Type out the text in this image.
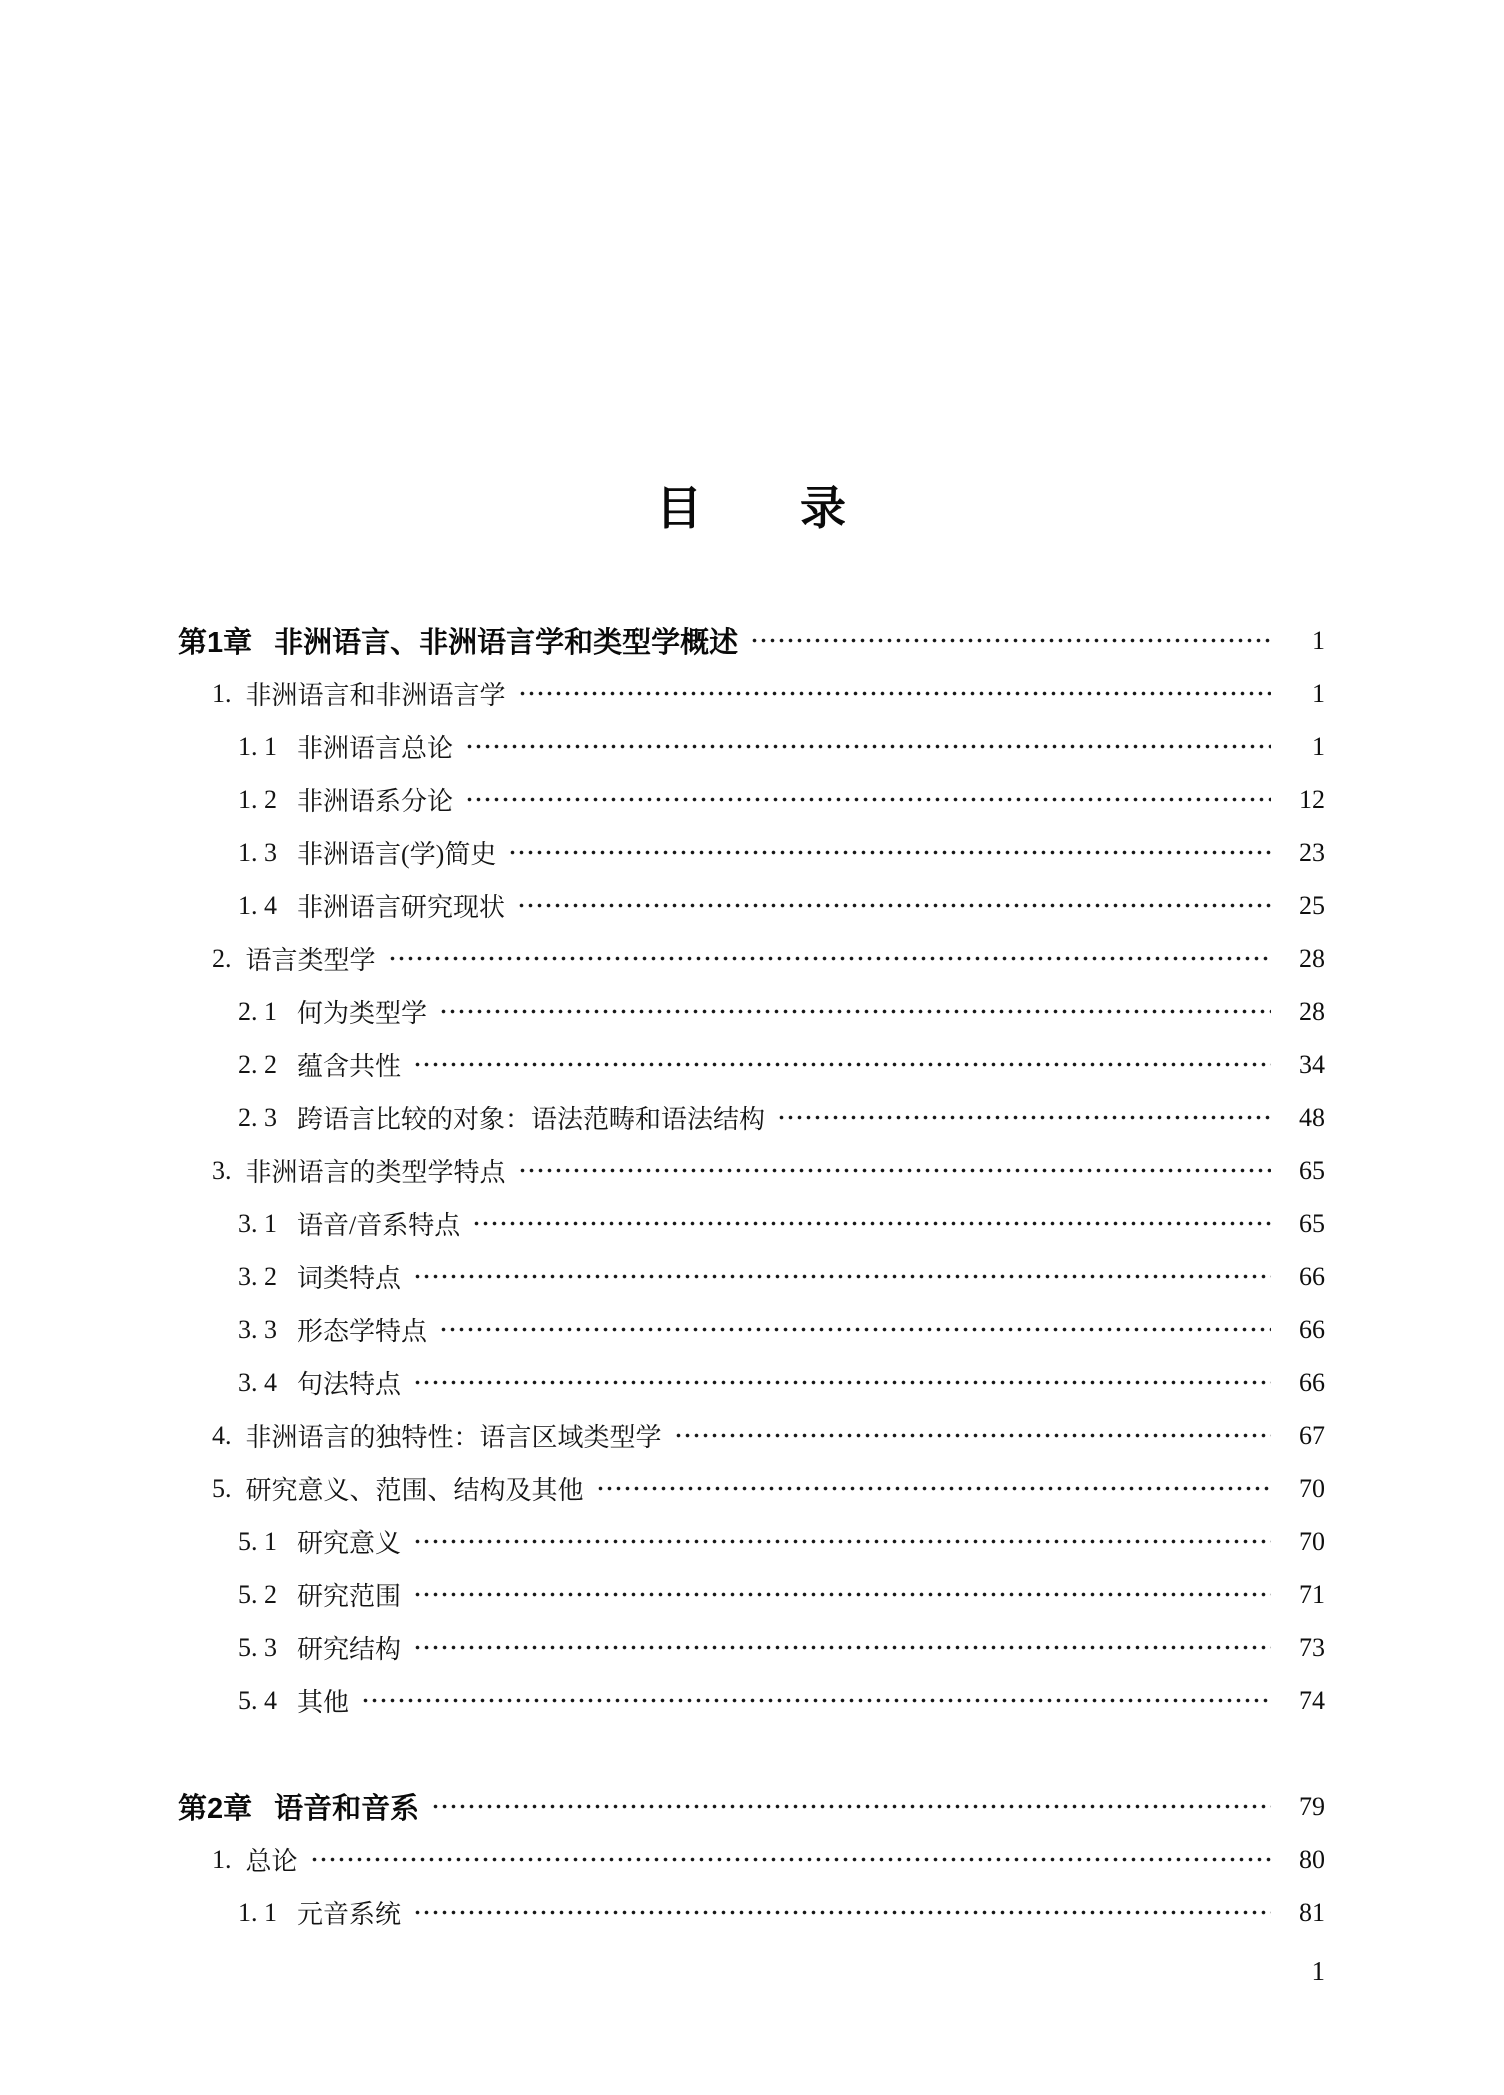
目　　录
第1章 非洲语言、非洲语言学和类型学概述	1
1. 非洲语言和非洲语言学	1
1. 1 非洲语言总论	1
1. 2 非洲语系分论	12
1. 3 非洲语言(学)简史	23
1. 4 非洲语言研究现状	25
2. 语言类型学	28
2. 1 何为类型学	28
2. 2 蕴含共性	34
2. 3 跨语言比较的对象：语法范畴和语法结构	48
3. 非洲语言的类型学特点	65
3. 1 语音/音系特点	65
3. 2 词类特点	66
3. 3 形态学特点	66
3. 4 句法特点	66
4. 非洲语言的独特性：语言区域类型学	67
5. 研究意义、范围、结构及其他	70
5. 1 研究意义	70
5. 2 研究范围	71
5. 3 研究结构	73
5. 4 其他	74
第2章 语音和音系	79
1. 总论	80
1. 1 元音系统	81
1
